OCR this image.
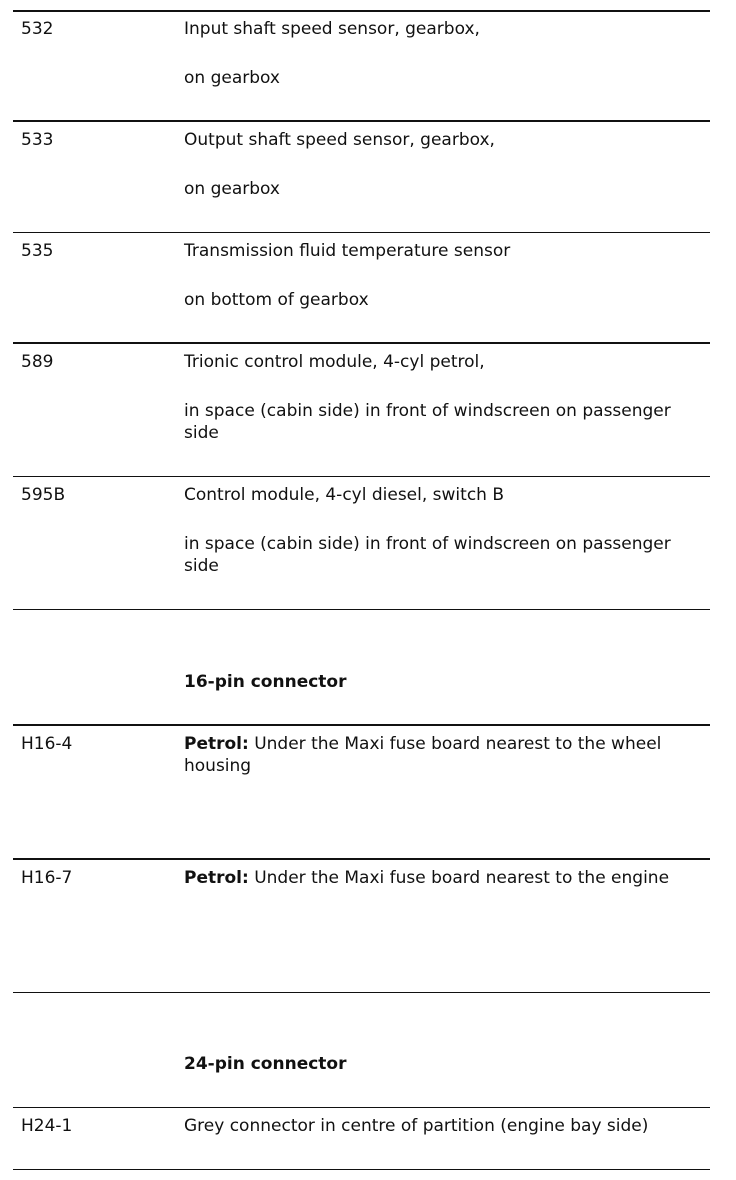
532	Input shaft speed sensor, gearbox,

on gearbox

533	Output shaft speed sensor, gearbox,

on gearbox

535	Transmission fluid temperature sensor

on bottom of gearbox

589	Trionic control module, 4-cyl petrol,

in space (cabin side) in front of windscreen on passenger side

595B	Control module, 4-cyl diesel, switch B

in space (cabin side) in front of windscreen on passenger side

16-pin connector
H16-4	Petrol: Under the Maxi fuse board nearest to the wheel housing
H16-7	Petrol: Under the Maxi fuse board nearest to the engine
24-pin connector
H24-1	Grey connector in centre of partition (engine bay side)
